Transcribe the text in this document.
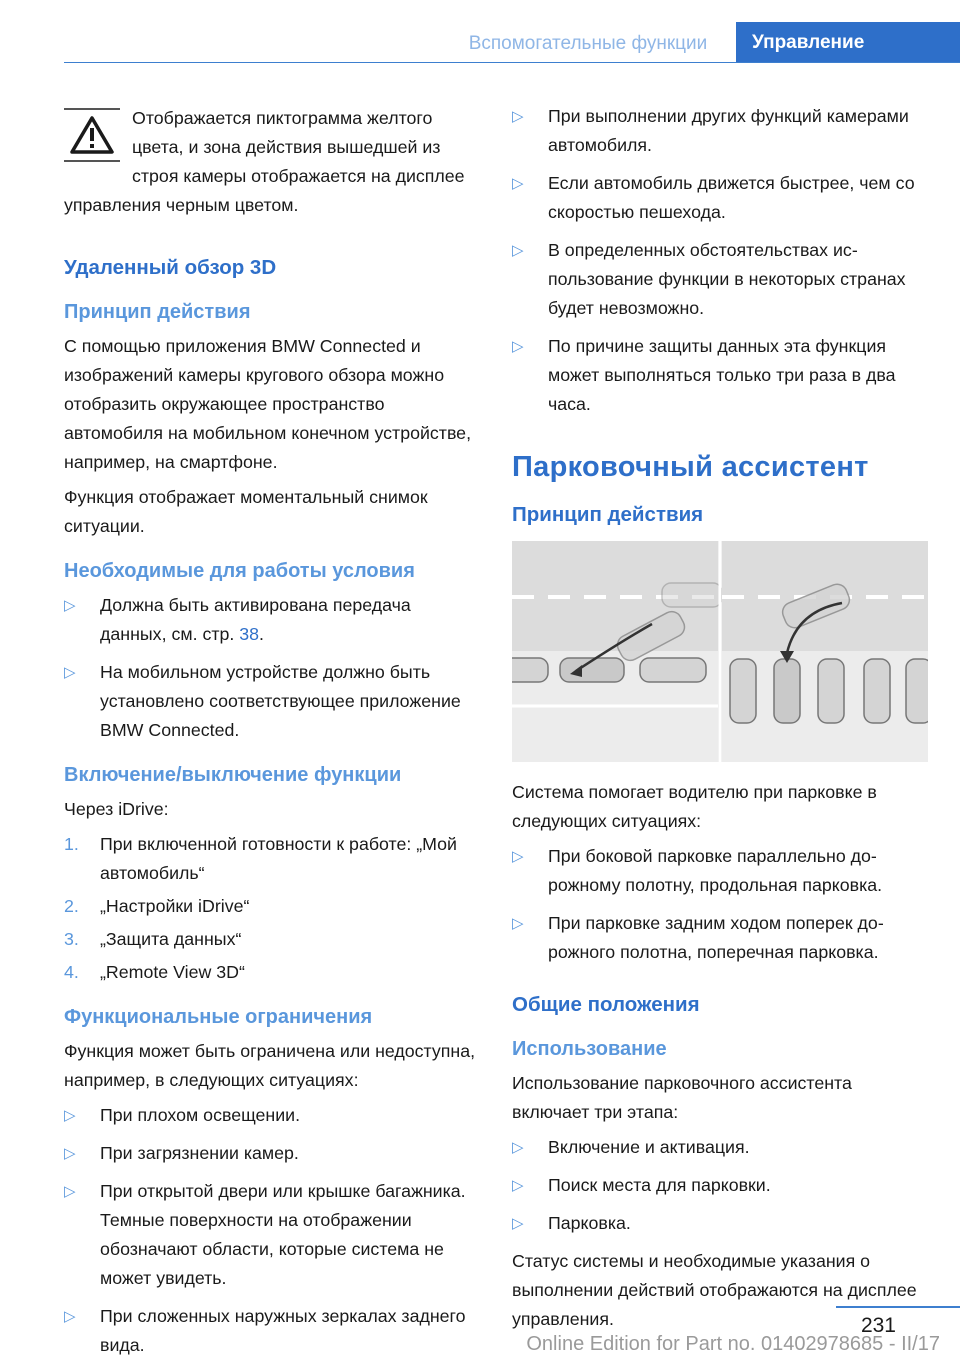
Вспомогательные функции	Управление
Отображается пиктограмма желтого цвета, и зона действия вышедшей из строя камеры отображается на дисплее управления черным цветом.
Удаленный обзор 3D
Принцип действия
С помощью приложения BMW Connected и изображений камеры кругового обзора можно отобразить окружающее пространство автомобиля на мобильном конечном устройстве, например, на смартфоне.
Функция отображает моментальный снимок ситуации.
Необходимые для работы условия
▷ Должна быть активирована передача данных, см. стр. 38.
▷ На мобильном устройстве должно быть установлено соответствующее приложение BMW Connected.
Включение/выключение функции
Через iDrive:
1. При включенной готовности к работе: „Мой автомобиль“
2. „Настройки iDrive“
3. „Защита данных“
4. „Remote View 3D“
Функциональные ограничения
Функция может быть ограничена или недоступна, например, в следующих ситуациях:
▷ При плохом освещении.
▷ При загрязнении камер.
▷ При открытой двери или крышке багажника. Темные поверхности на отображении обозначают области, которые система не может увидеть.
▷ При сложенных наружных зеркалах заднего вида.
▷ При выполнении других функций камерами автомобиля.
▷ Если автомобиль движется быстрее, чем со скоростью пешехода.
▷ В определенных обстоятельствах использование функции в некоторых странах будет невозможно.
▷ По причине защиты данных эта функция может выполняться только три раза в два часа.
Парковочный ассистент
Принцип действия
Система помогает водителю при парковке в следующих ситуациях:
▷ При боковой парковке параллельно дорожному полотну, продольная парковка.
▷ При парковке задним ходом поперек дорожного полотна, поперечная парковка.
Общие положения
Использование
Использование парковочного ассистента включает три этапа:
▷ Включение и активация.
▷ Поиск места для парковки.
▷ Парковка.
Статус системы и необходимые указания о выполнении действий отображаются на дисплее управления.	231
Online Edition for Part no. 01402978685 - II/17
